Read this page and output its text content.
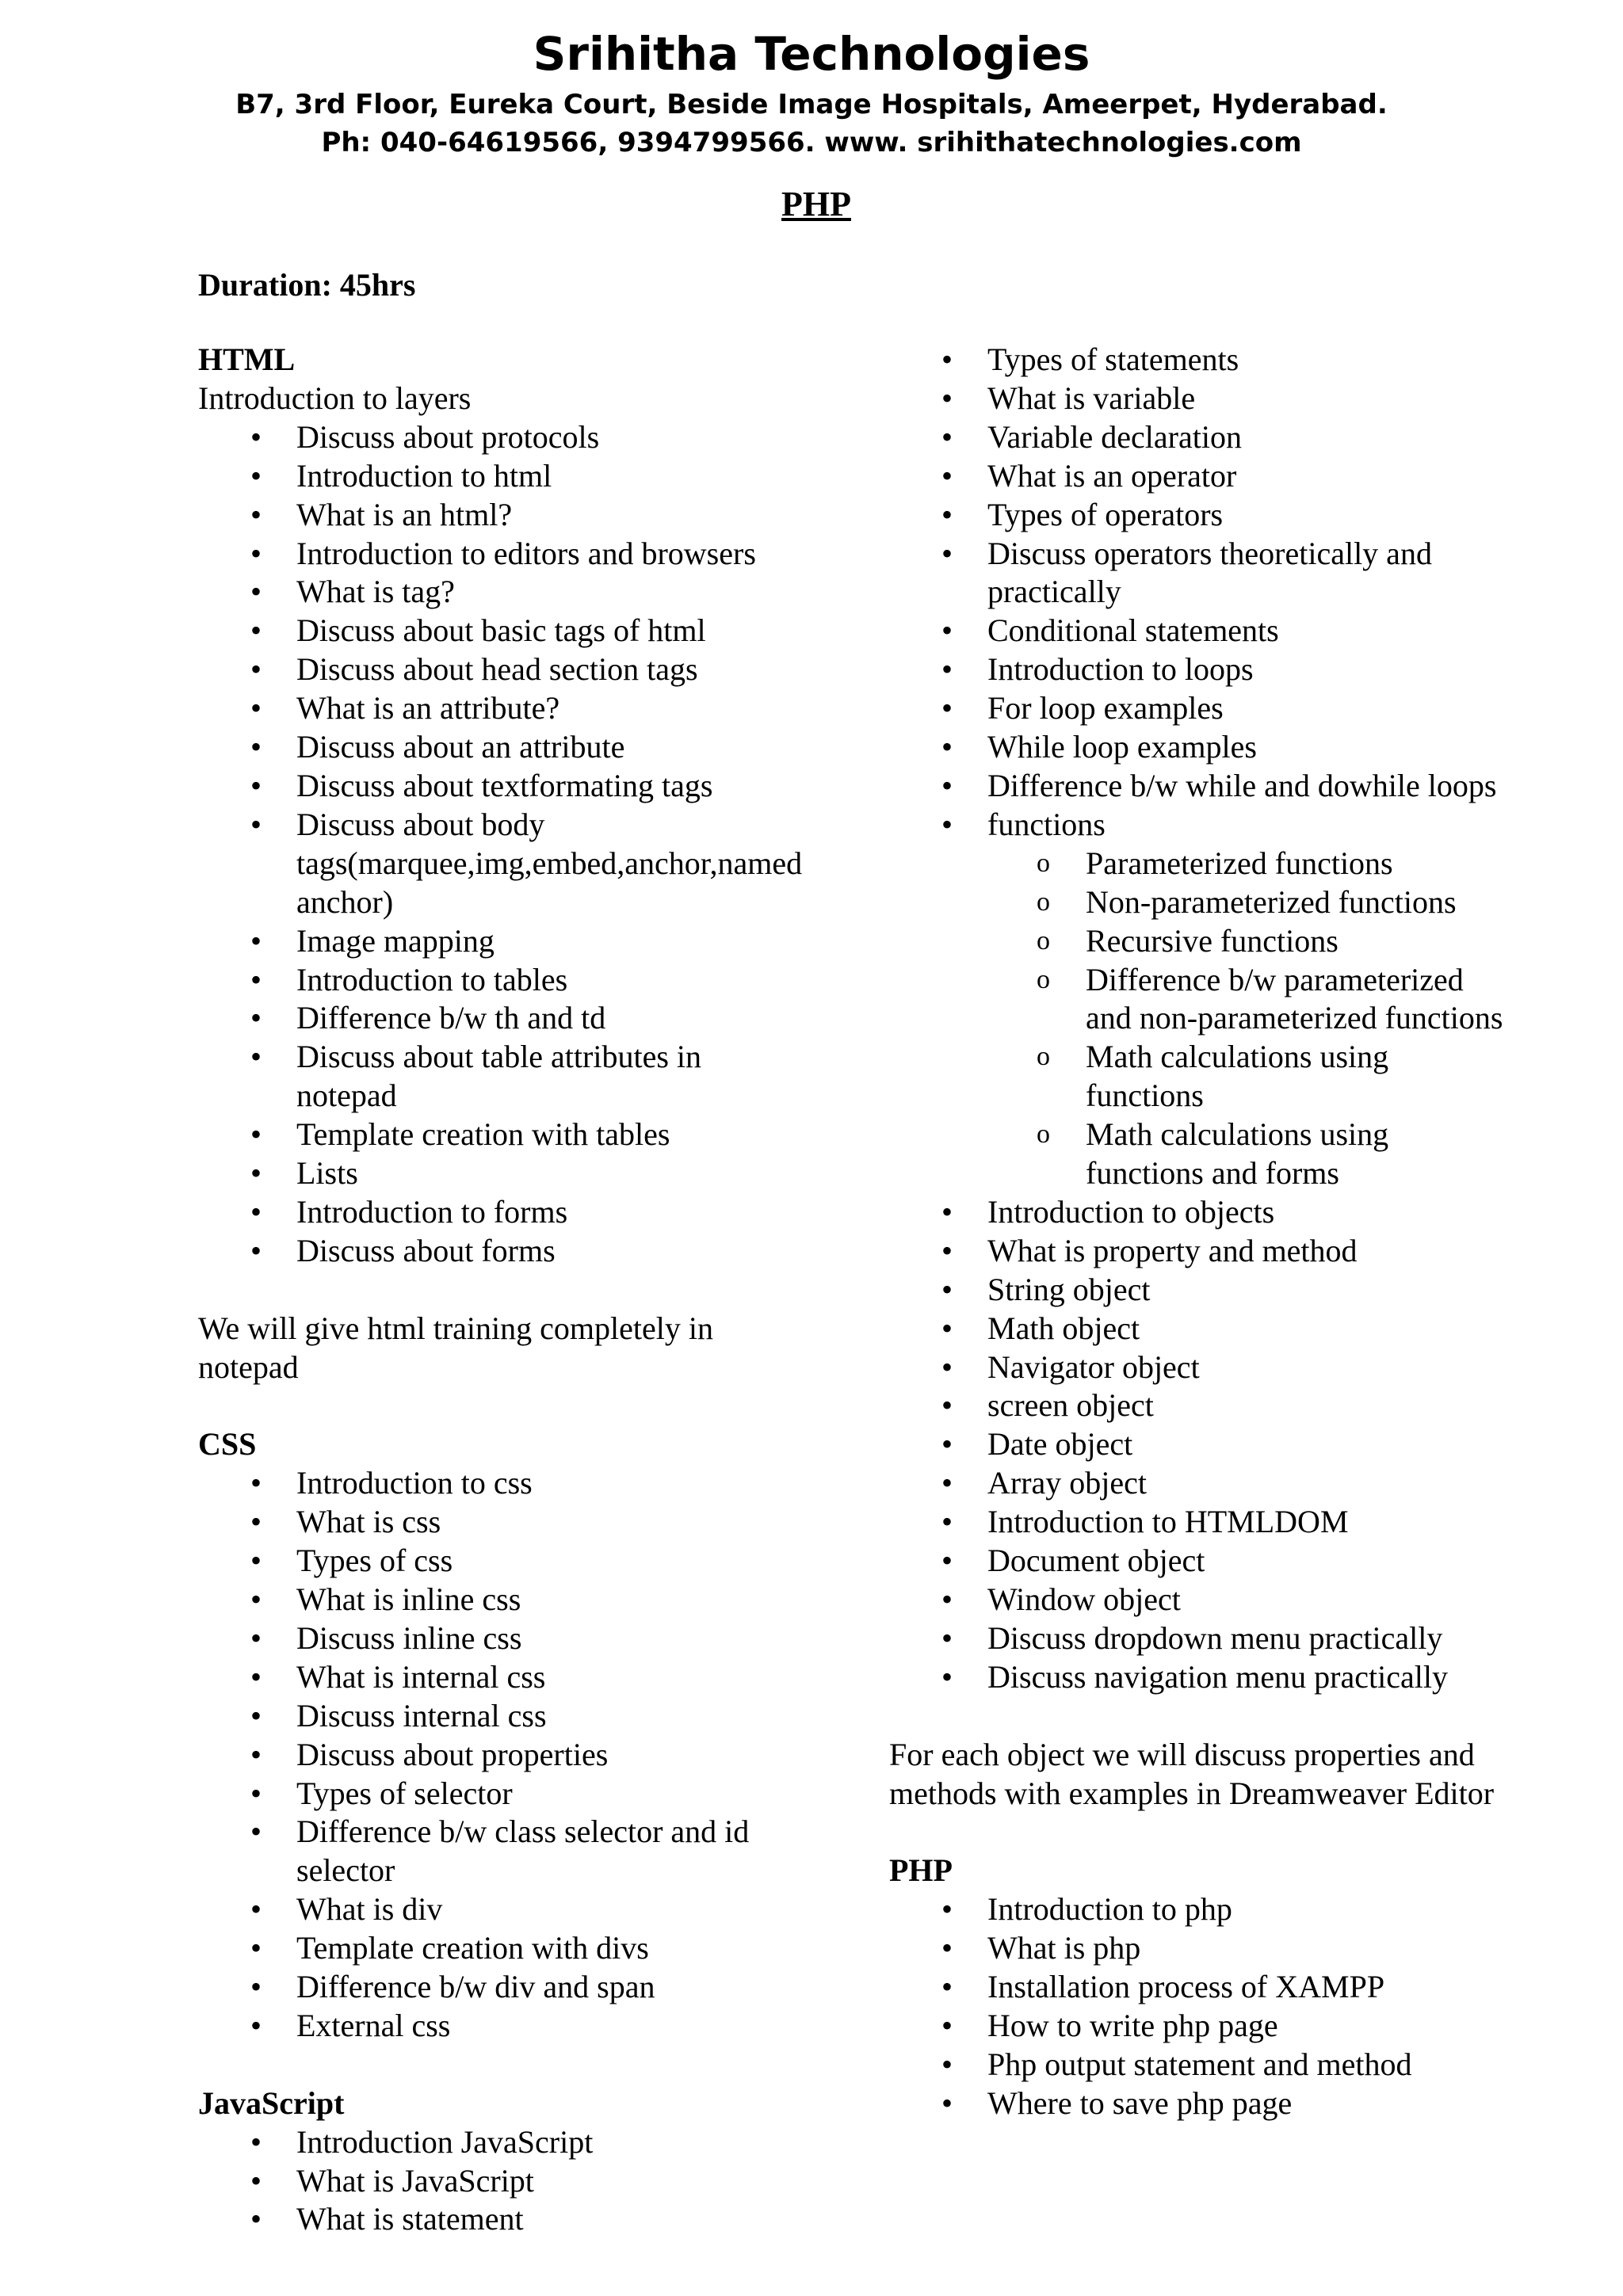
Srihitha Technologies
B7, 3rd Floor, Eureka Court, Beside Image Hospitals, Ameerpet, Hyderabad.
Ph: 040-64619566, 9394799566. www. srihithatechnologies.com
PHP
Duration: 45hrs
HTML
Introduction to layers
• Discuss about protocols
• Introduction to html
• What is an html?
• Introduction to editors and browsers
• What is tag?
• Discuss about basic tags of html
• Discuss about head section tags
• What is an attribute?
• Discuss about an attribute
• Discuss about textformating tags
• Discuss about body tags(marquee,img,embed,anchor,named anchor)
• Image mapping
• Introduction to tables
• Difference b/w th and td
• Discuss about table attributes in notepad
• Template creation with tables
• Lists
• Introduction to forms
• Discuss about forms
We will give html training completely in notepad
CSS
• Introduction to css
• What is css
• Types of css
• What is inline css
• Discuss inline css
• What is internal css
• Discuss internal css
• Discuss about properties
• Types of selector
• Difference b/w class selector and id selector
• What is div
• Template creation with divs
• Difference b/w div and span
• External css
JavaScript
• Introduction JavaScript
• What is JavaScript
• What is statement
• Types of statements
• What is variable
• Variable declaration
• What is an operator
• Types of operators
• Discuss operators theoretically and practically
• Conditional statements
• Introduction to loops
• For loop examples
• While loop examples
• Difference b/w while and dowhile loops
• functions
o Parameterized functions
o Non-parameterized functions
o Recursive functions
o Difference b/w parameterized and non-parameterized functions
o Math calculations using functions
o Math calculations using functions and forms
• Introduction to objects
• What is property and method
• String object
• Math object
• Navigator object
• screen object
• Date object
• Array object
• Introduction to HTMLDOM
• Document object
• Window object
• Discuss dropdown menu practically
• Discuss navigation menu practically
For each object we will discuss properties and methods with examples in Dreamweaver Editor
PHP
• Introduction to php
• What is php
• Installation process of XAMPP
• How to write php page
• Php output statement and method
• Where to save php page
